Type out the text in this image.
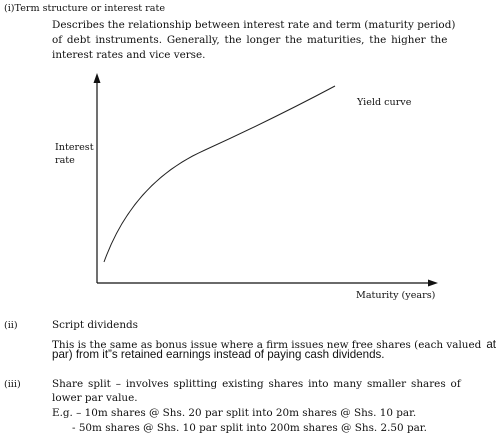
(i)Term structure or interest rate

Describes the relationship between interest rate and term (maturity period)

of debt instruments. Generally, the longer the maturities, the higher the

interest rates and vice verse.

Interest

rate

Yield curve

Maturity (years)

(ii)	Script dividends

This is the same as bonus issue where a firm issues new free shares (each valued at

par) from it”s retained earnings instead of paying cash dividends.

(iii)	Share split – involves splitting existing shares into many smaller shares of

lower par value.

E.g. – 10m shares @ Shs. 20 par split into 20m shares @ Shs. 10 par.

- 50m shares @ Shs. 10 par split into 200m shares @ Shs. 2.50 par.
